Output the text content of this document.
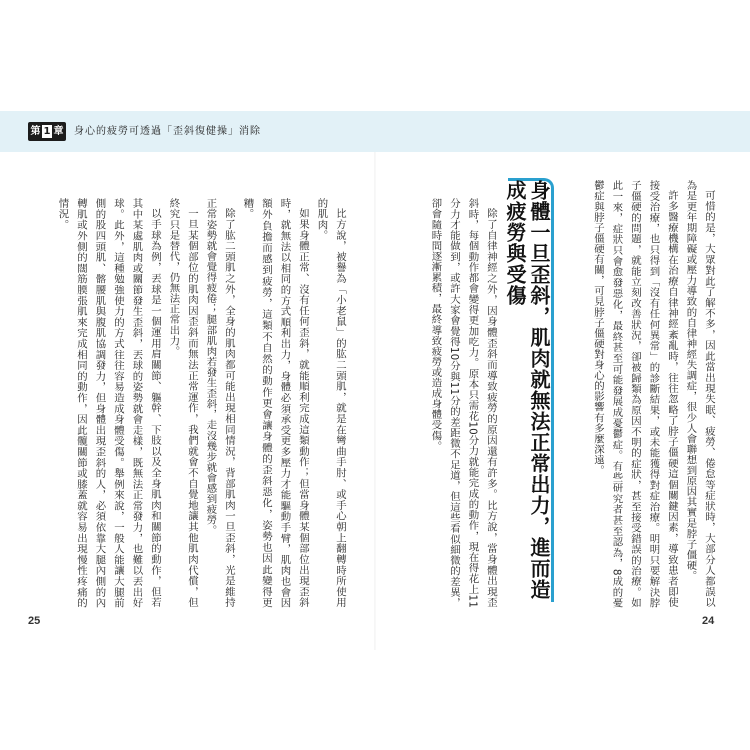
第 1 章 身心的疲勞可透過「歪斜復健操」消除

可惜的是，大眾對此了解不多，因此當出現失眠、疲勞、倦怠等症狀時，大部分人都誤以為是更年期障礙或壓力導致的自律神經失調症，很少人會聯想到原因其實是脖子僵硬。

許多醫療機構在治療自律神經紊亂時，往往忽略了脖子僵硬這個關鍵因素，導致患者即使接受治療，也只得到「沒有任何異常」的診斷結果，或未能獲得對症治療。明明只要解決脖子僵硬的問題，就能立刻改善狀況，卻被歸類為原因不明的症狀，甚至接受錯誤的治療。如此一來，症狀只會愈發惡化，最終甚至可能發展成憂鬱症。有些研究者甚至認為，8成的憂鬱症與脖子僵硬有關，可見脖子僵硬對身心的影響有多麼深遠。

身體一旦歪斜，肌肉就無法正常出力，進而造成疲勞與受傷

除了自律神經之外，因身體歪斜而導致疲勞的原因還有許多。比方說，當身體出現歪斜時，每個動作都會變得更加吃力。原本只需花10分力就能完成的動作，現在得花上11分力才能做到，或許大家會覺得10分與11分的差距微不足道，但這些看似細微的差異，卻會隨時間逐漸累積，最終導致疲勞或造成身體受傷。

比方說，被譽為「小老鼠」的肱二頭肌，就是在彎曲手肘、或手心朝上翻轉時所使用的肌肉。

如果身體正常、沒有任何歪斜，就能順利完成這類動作；但當身體某個部位出現歪斜時，就無法以相同的方式順利出力，身體必須承受更多壓力才能驅動手臂，肌肉也會因額外負擔而感到疲勞，這類不自然的動作更會讓身體的歪斜惡化，姿勢也因此變得更糟。

除了肱二頭肌之外，全身的肌肉都可能出現相同情況，背部肌肉一旦歪斜，光是維持正常姿勢就會覺得疲倦；腿部肌肉若發生歪斜，走沒幾步就會感到疲勞。

一旦某個部位的肌肉因歪斜而無法正常運作，我們就會不自覺地讓其他肌肉代償，但終究只是替代，仍無法正常出力。

以手球為例，丟球是一個運用肩關節、軀幹、下肢以及全身肌肉和關節的動作，但若其中某處肌肉或關節發生歪斜，丟球的姿勢就會走樣，既無法正常發力，也難以丟出好球。此外，這種勉強使力的方式往往容易造成身體受傷。舉例來說，一般人能讓大腿前側的股四頭肌、髂腰肌與腹肌協調發力，但身體出現歪斜的人，必須依靠大腿內側的內轉肌或外側的闊筋膜張肌來完成相同的動作，因此髖關節或膝蓋就容易出現慢性疼痛的情況。

25	24
